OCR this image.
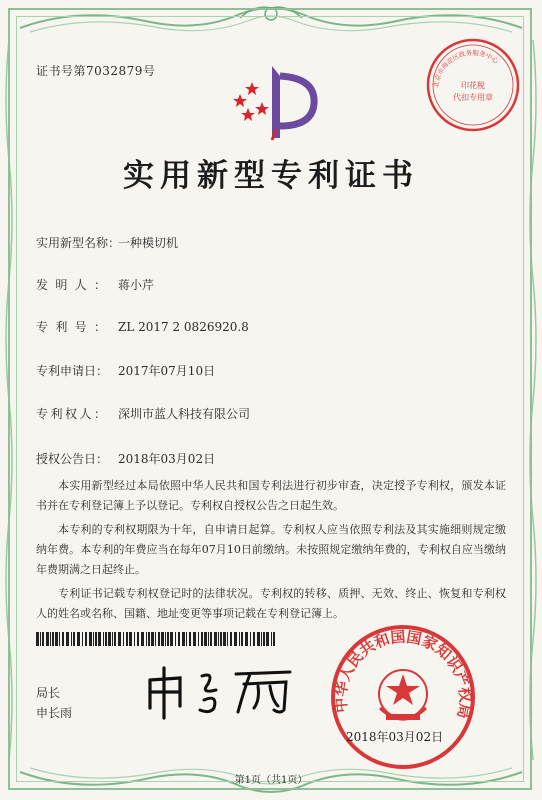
证书号第7032879号
北京市海淀区政务服务中心
印花税
代扣专用章
实用新型专利证书
实用新型名称：一种模切机
发明人： 蒋小芹
专利号： ZL 2017 2 0826920.8
专利申请日： 2017年07月10日
专利权人： 深圳市蓝人科技有限公司
授权公告日： 2018年03月02日

本实用新型经过本局依照中华人民共和国专利法进行初步审查，决定授予专利权，颁发本证书并在专利登记簿上予以登记。专利权自授权公告之日起生效。

本专利的专利权期限为十年，自申请日起算。专利权人应当依照专利法及其实施细则规定缴纳年费。本专利的年费应当在每年07月10日前缴纳。未按照规定缴纳年费的，专利权自应当缴纳年费期满之日起终止。

专利证书记载专利权登记时的法律状况。专利权的转移、质押、无效、终止、恢复和专利权人的姓名或名称、国籍、地址变更等事项记载在专利登记簿上。

局长
申长雨	中华人民共和国国家知识产权局
2018年03月02日
第1页（共1页）
